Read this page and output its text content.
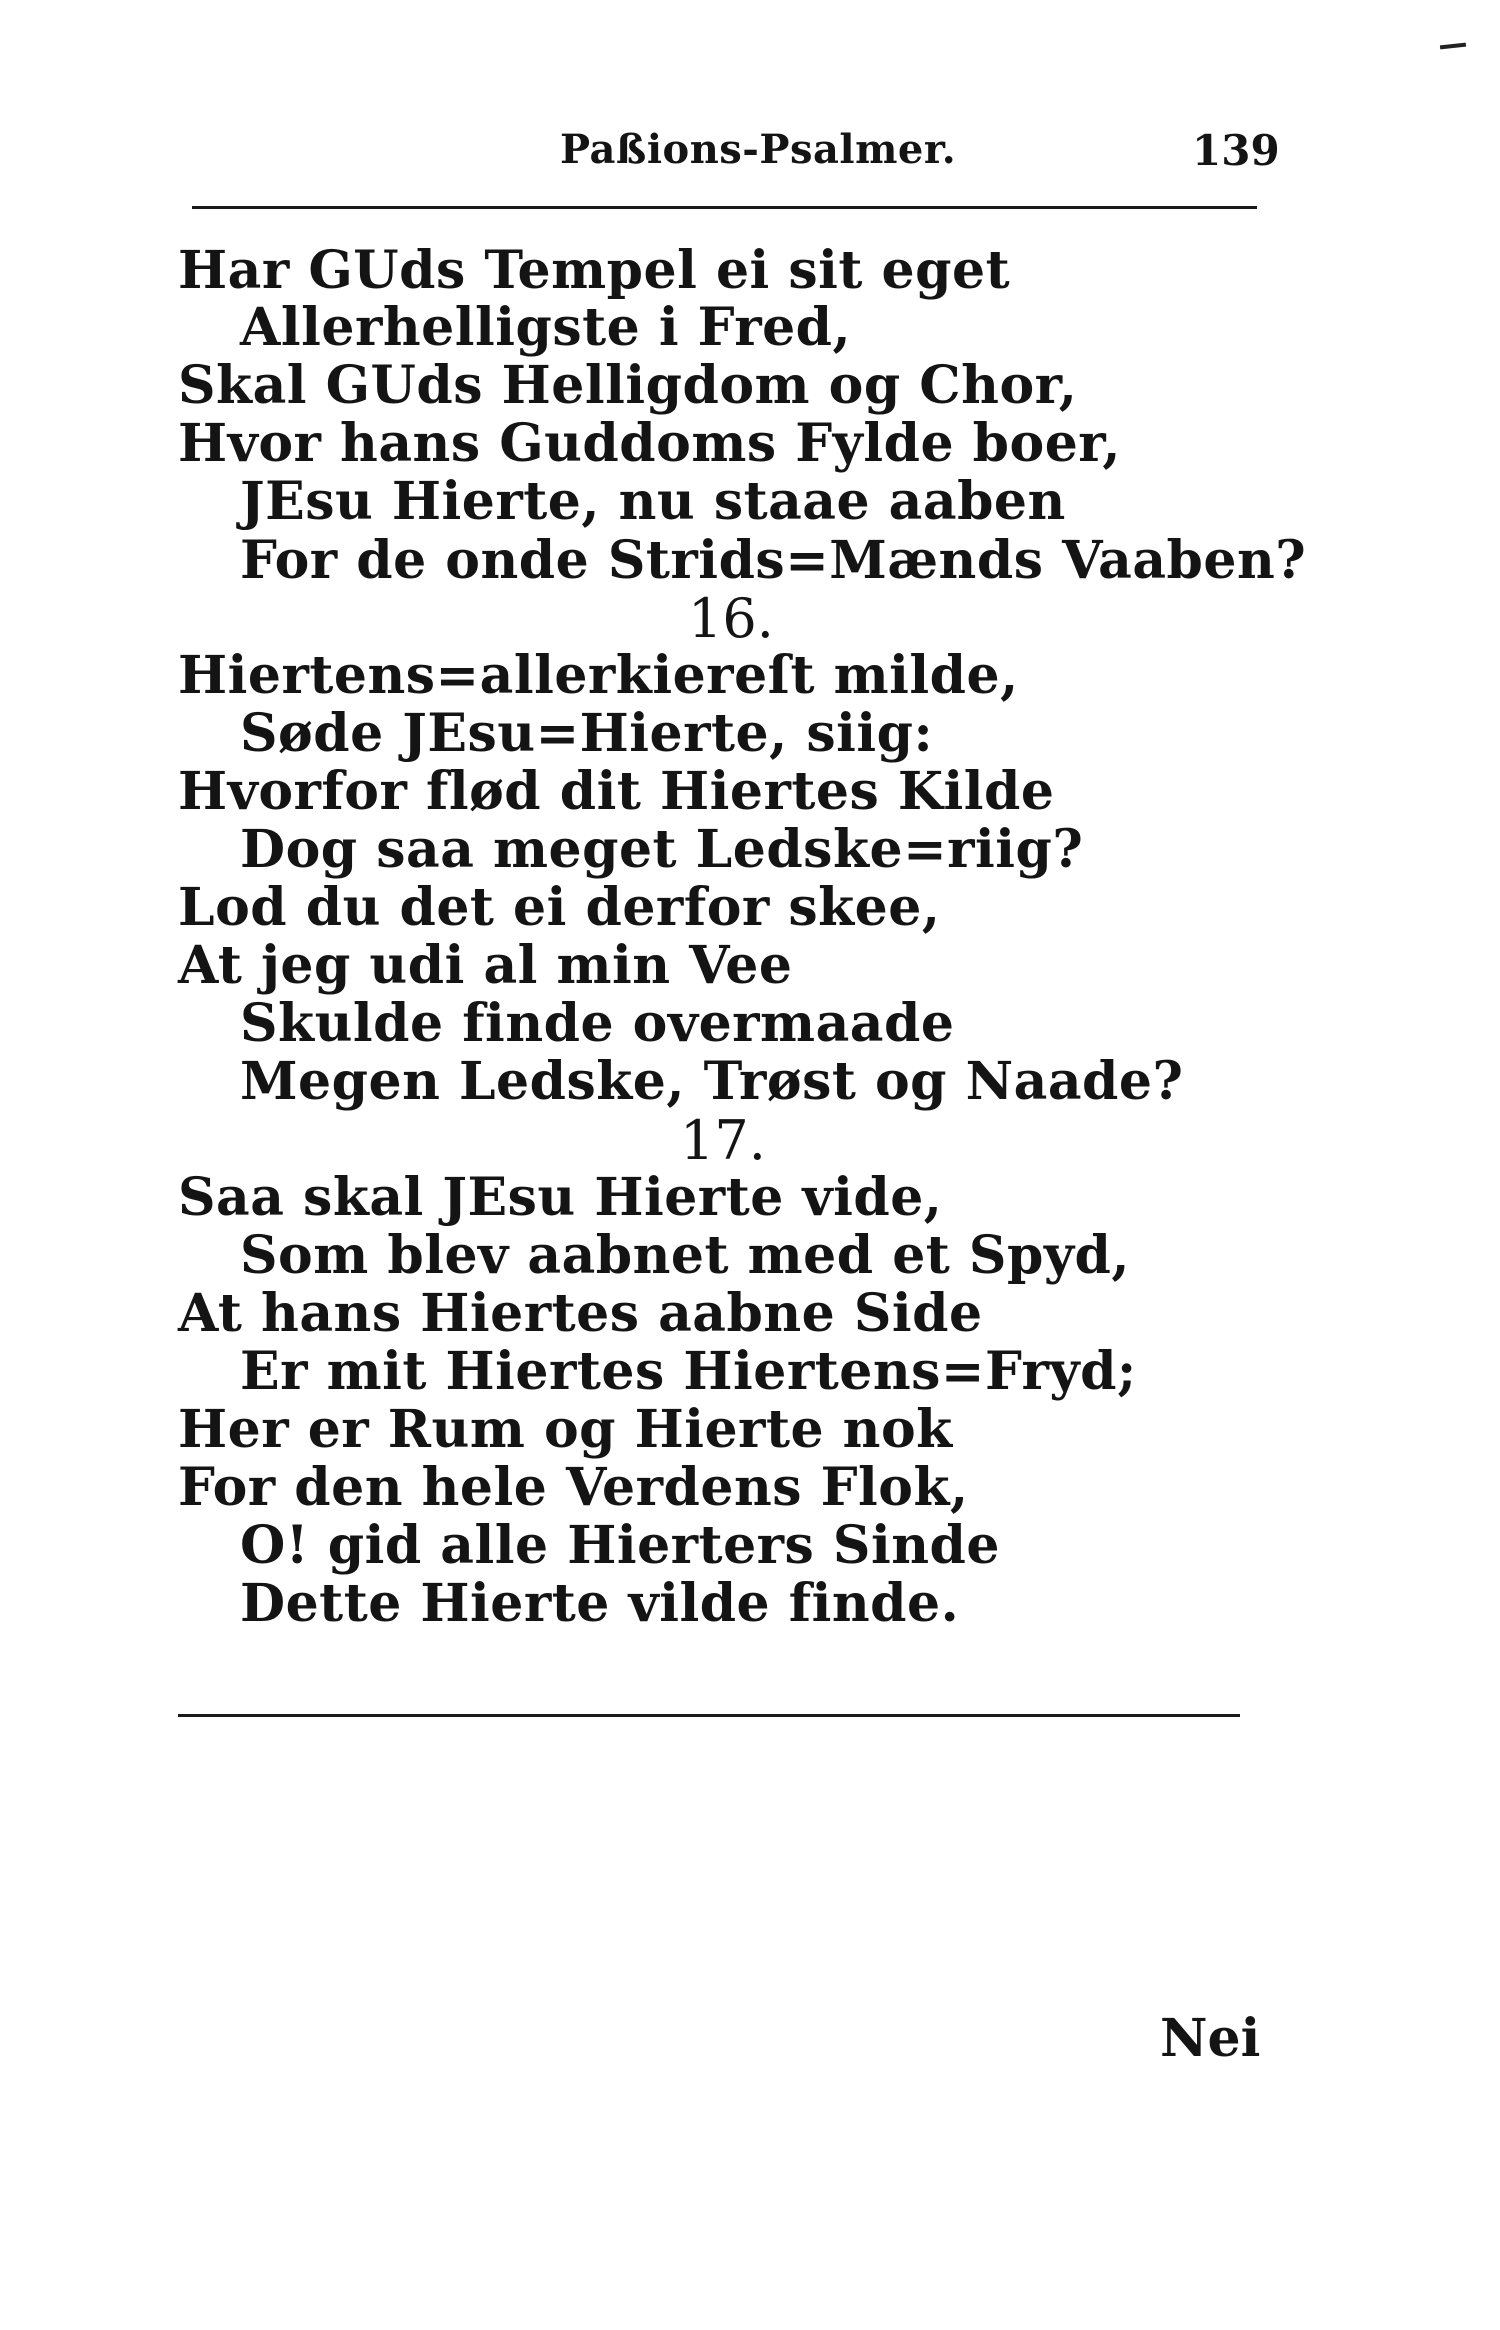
Paßions-Psalmer.	139
Har GUds Tempel ei sit eget
Allerhelligste i Fred,
Skal GUds Helligdom og Chor,
Hvor hans Guddoms Fylde boer,
JEsu Hierte, nu staae aaben
For de onde Strids=Mænds Vaaben?
16.
Hiertens=allerkiereſt milde,
Søde JEsu=Hierte, siig:
Hvorfor flød dit Hiertes Kilde
Dog saa meget Ledske=riig?
Lod du det ei derfor skee,
At jeg udi al min Vee
Skulde finde overmaade
Megen Ledske, Trøst og Naade?
17.
Saa skal JEsu Hierte vide,
Som blev aabnet med et Spyd,
At hans Hiertes aabne Side
Er mit Hiertes Hiertens=Fryd;
Her er Rum og Hierte nok
For den hele Verdens Flok,
O! gid alle Hierters Sinde
Dette Hierte vilde finde.
Nei
